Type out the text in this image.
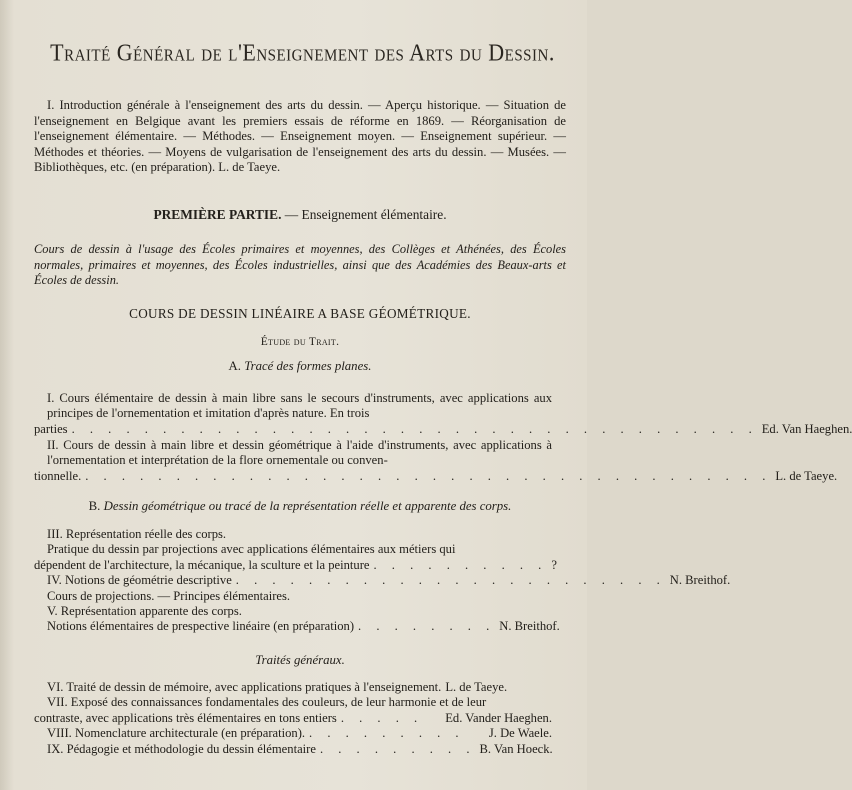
Traité Général de l'Enseignement des Arts du Dessin.

I. Introduction générale à l'enseignement des arts du dessin. — Aperçu historique. — Situation de l'enseignement en Belgique avant les premiers essais de réforme en 1869. — Réorganisation de l'enseignement élémentaire. — Méthodes. — Enseignement moyen. — Enseignement supérieur. — Méthodes et théories. — Moyens de vulgarisation de l'enseignement des arts du dessin. — Musées. — Bibliothèques, etc. (en préparation). L. de Taeye.

PREMIÈRE PARTIE. — Enseignement élémentaire.

Cours de dessin à l'usage des Écoles primaires et moyennes, des Collèges et Athénées, des Écoles normales, primaires et moyennes, des Écoles industrielles, ainsi que des Académies des Beaux-arts et Écoles de dessin.

COURS DE DESSIN LINÉAIRE A BASE GÉOMÉTRIQUE.
Étude du Trait.
A. Tracé des formes planes.

I. Cours élémentaire de dessin à main libre sans le secours d'instruments, avec applications aux principes de l'ornementation et imitation d'après nature. En trois

parties . . . . . . . . . . . . . . . . . . . . . . . . . . . . . . . . . . . . . . Ed. Van Haeghen.

II. Cours de dessin à main libre et dessin géométrique à l'aide d'instruments, avec applications à l'ornementation et interprétation de la flore ornementale ou conven-

tionnelle. . . . . . . . . . . . . . . . . . . . . . . . . . . . . . . . . . . . . . . L. de Taeye.
B. Dessin géométrique ou tracé de la représentation réelle et apparente des corps.

III. Représentation réelle des corps.

Pratique du dessin par projections avec applications élémentaires aux métiers qui

dépendent de l'architecture, la mécanique, la sculture et la peinture . . . . . . . . . . ?
IV. Notions de géométrie descriptive . . . . . . . . . . . . . . . . . . . . . . . . N. Breithof.

Cours de projections. — Principes élémentaires.

V. Représentation apparente des corps.

Notions élémentaires de prespective linéaire (en préparation) . . . . . . . . N. Breithof.
Traités généraux.
VI. Traité de dessin de mémoire, avec applications pratiques à l'enseignement. L. de Taeye.

VII. Exposé des connaissances fondamentales des couleurs, de leur harmonie et de leur

contraste, avec applications très élémentaires en tons entiers . . . . .	Ed. Vander Haeghen.
VIII. Nomenclature architecturale (en préparation). . . . . . . . . .	J. De Waele.
IX. Pédagogie et méthodologie du dessin élémentaire . . . . . . . . . B. Van Hoeck.
